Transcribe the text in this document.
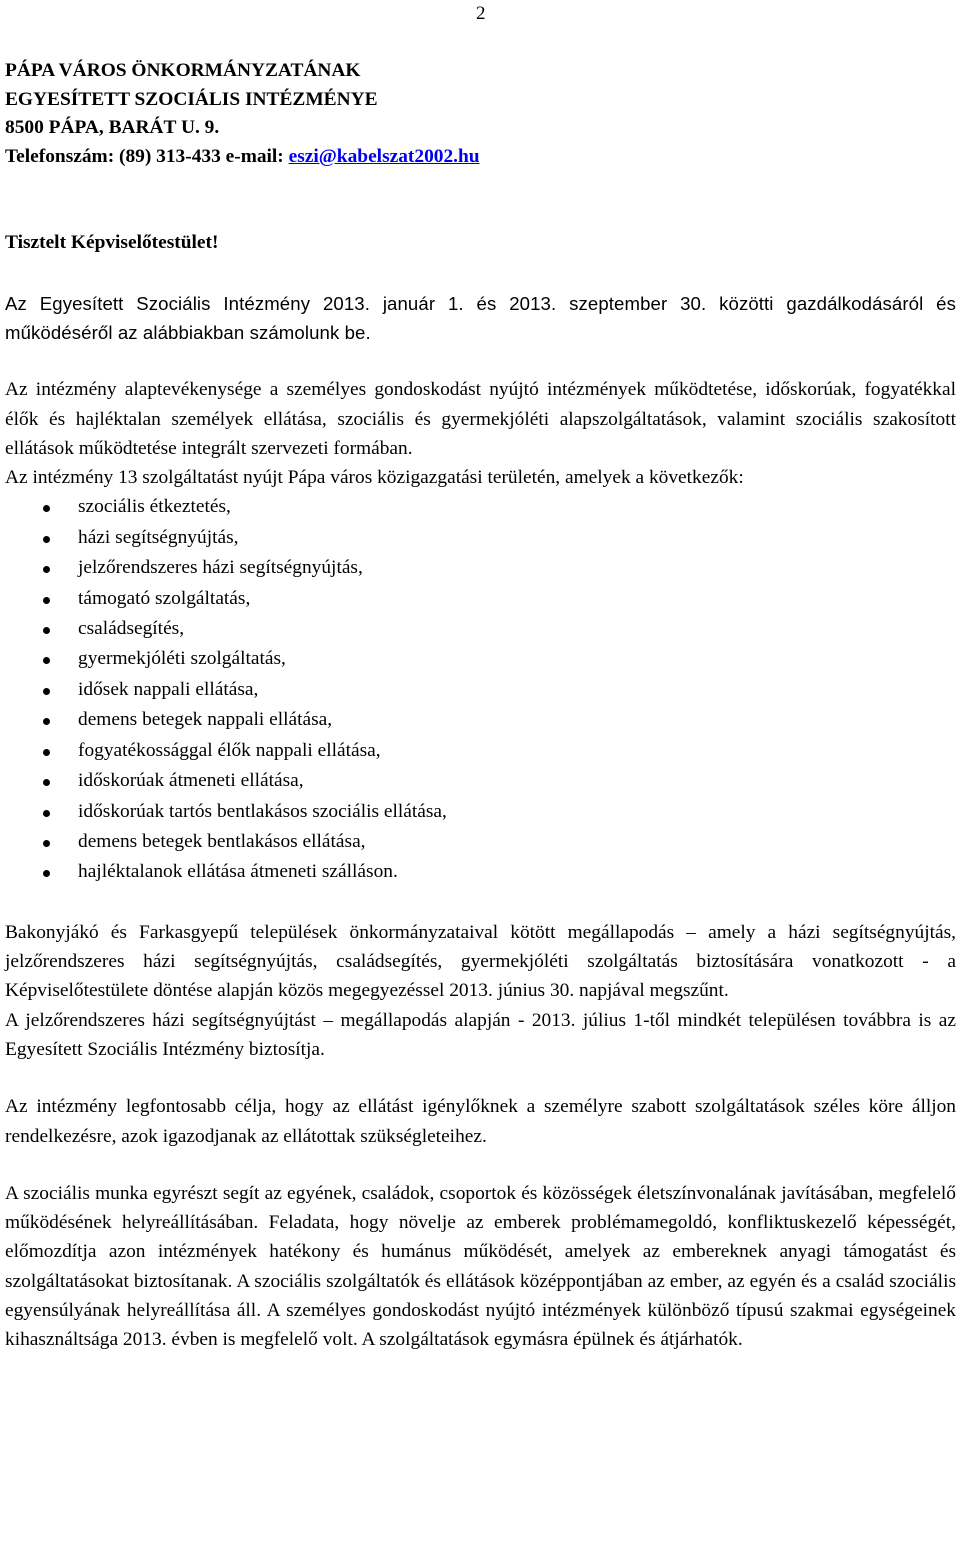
2
PÁPA VÁROS ÖNKORMÁNYZATÁNAK
EGYESÍTETT SZOCIÁLIS INTÉZMÉNYE
8500 PÁPA, BARÁT U. 9.
Telefonszám: (89) 313-433 e-mail: eszi@kabelszat2002.hu
Tisztelt Képviselőtestület!

Az Egyesített Szociális Intézmény 2013. január 1. és 2013. szeptember 30. közötti gazdálkodásáról és működéséről az alábbiakban számolunk be.

Az intézmény alaptevékenysége a személyes gondoskodást nyújtó intézmények működtetése, időskorúak, fogyatékkal élők és hajléktalan személyek ellátása, szociális és gyermekjóléti alapszolgáltatások, valamint szociális szakosított ellátások működtetése integrált szervezeti formában.

Az intézmény 13 szolgáltatást nyújt Pápa város közigazgatási területén, amelyek a következők:

szociális étkeztetés,
házi segítségnyújtás,
jelzőrendszeres házi segítségnyújtás,
támogató szolgáltatás,
családsegítés,
gyermekjóléti szolgáltatás,
idősek nappali ellátása,
demens betegek nappali ellátása,
fogyatékossággal élők nappali ellátása,
időskorúak átmeneti ellátása,
időskorúak tartós bentlakásos szociális ellátása,
demens betegek bentlakásos ellátása,
hajléktalanok ellátása átmeneti szálláson.

Bakonyjákó és Farkasgyepű települések önkormányzataival kötött megállapodás – amely a házi segítségnyújtás, jelzőrendszeres házi segítségnyújtás, családsegítés, gyermekjóléti szolgáltatás biztosítására vonatkozott - a Képviselőtestülete döntése alapján közös megegyezéssel 2013. június 30. napjával megszűnt.

A jelzőrendszeres házi segítségnyújtást – megállapodás alapján - 2013. július 1-től mindkét településen továbbra is az Egyesített Szociális Intézmény biztosítja.

Az intézmény legfontosabb célja, hogy az ellátást igénylőknek a személyre szabott szolgáltatások széles köre álljon rendelkezésre, azok igazodjanak az ellátottak szükségleteihez.

A szociális munka egyrészt segít az egyének, családok, csoportok és közösségek életszínvonalának javításában, megfelelő működésének helyreállításában. Feladata, hogy növelje az emberek problémamegoldó, konfliktuskezelő képességét, előmozdítja azon intézmények hatékony és humánus működését, amelyek az embereknek anyagi támogatást és szolgáltatásokat biztosítanak. A szociális szolgáltatók és ellátások középpontjában az ember, az egyén és a család szociális egyensúlyának helyreállítása áll. A személyes gondoskodást nyújtó intézmények különböző típusú szakmai egységeinek kihasználtsága 2013. évben is megfelelő volt. A szolgáltatások egymásra épülnek és átjárhatók.
